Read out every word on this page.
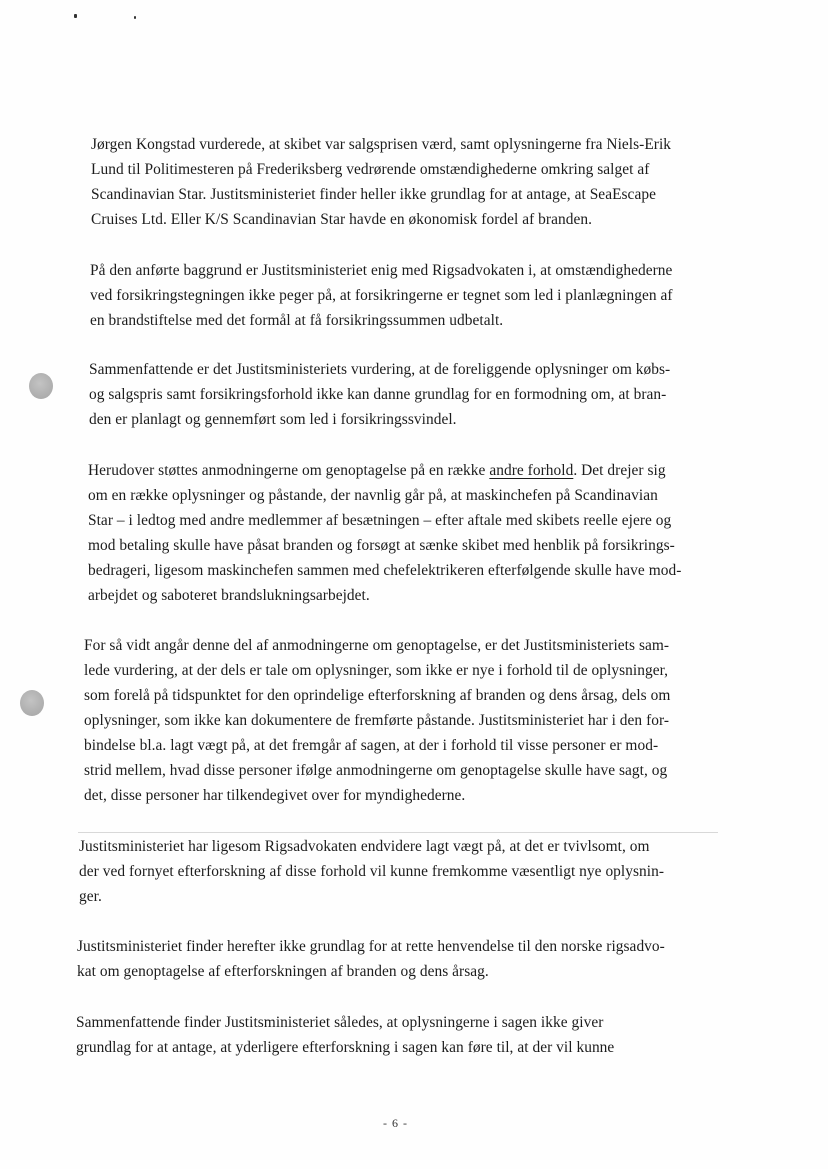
Jørgen Kongstad vurderede, at skibet var salgsprisen værd, samt oplysningerne fra Niels-Erik
Lund til Politimesteren på Frederiksberg vedrørende omstændighederne omkring salget af
Scandinavian Star. Justitsministeriet finder heller ikke grundlag for at antage, at SeaEscape
Cruises Ltd. Eller K/S Scandinavian Star havde en økonomisk fordel af branden.
På den anførte baggrund er Justitsministeriet enig med Rigsadvokaten i, at omstændighederne
ved forsikringstegningen ikke peger på, at forsikringerne er tegnet som led i planlægningen af
en brandstiftelse med det formål at få forsikringssummen udbetalt.
Sammenfattende er det Justitsministeriets vurdering, at de foreliggende oplysninger om købs-
og salgspris samt forsikringsforhold ikke kan danne grundlag for en formodning om, at bran-
den er planlagt og gennemført som led i forsikringssvindel.
Herudover støttes anmodningerne om genoptagelse på en række andre forhold. Det drejer sig
om en række oplysninger og påstande, der navnlig går på, at maskinchefen på Scandinavian
Star – i ledtog med andre medlemmer af besætningen – efter aftale med skibets reelle ejere og
mod betaling skulle have påsat branden og forsøgt at sænke skibet med henblik på forsikrings-
bedrageri, ligesom maskinchefen sammen med chefelektrikeren efterfølgende skulle have mod-
arbejdet og saboteret brandslukningsarbejdet.
For så vidt angår denne del af anmodningerne om genoptagelse, er det Justitsministeriets sam-
lede vurdering, at der dels er tale om oplysninger, som ikke er nye i forhold til de oplysninger,
som forelå på tidspunktet for den oprindelige efterforskning af branden og dens årsag, dels om
oplysninger, som ikke kan dokumentere de fremførte påstande. Justitsministeriet har i den for-
bindelse bl.a. lagt vægt på, at det fremgår af sagen, at der i forhold til visse personer er mod-
strid mellem, hvad disse personer ifølge anmodningerne om genoptagelse skulle have sagt, og
det, disse personer har tilkendegivet over for myndighederne.
Justitsministeriet har ligesom Rigsadvokaten endvidere lagt vægt på, at det er tvivlsomt, om
der ved fornyet efterforskning af disse forhold vil kunne fremkomme væsentligt nye oplysnin-
ger.
Justitsministeriet finder herefter ikke grundlag for at rette henvendelse til den norske rigsadvo-
kat om genoptagelse af efterforskningen af branden og dens årsag.
Sammenfattende finder Justitsministeriet således, at oplysningerne i sagen ikke giver
grundlag for at antage, at yderligere efterforskning i sagen kan føre til, at der vil kunne
- 6 -
